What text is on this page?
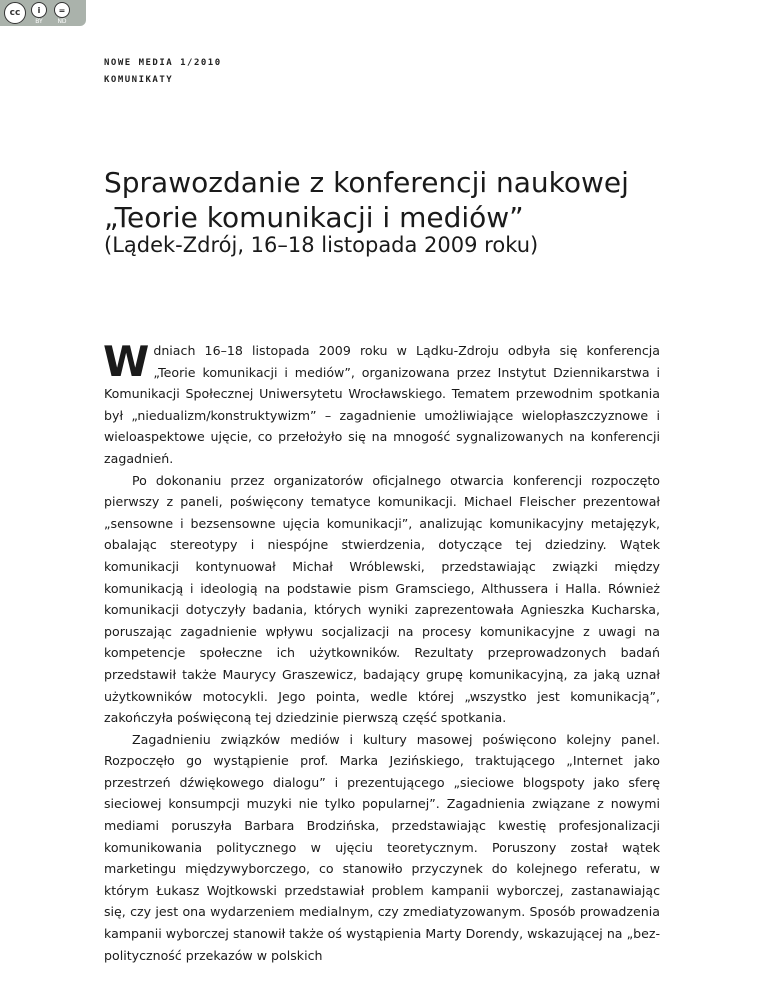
cc	i
BY
=
ND
NOWE MEDIA 1/2010
KOMUNIKATY
Sprawozdanie z konferencji naukowej
„Teorie komunikacji i mediów”
(Lądek-Zdrój, 16–18 listopada 2009 roku)

Wdniach 16–18 listopada 2009 roku w Lądku-Zdroju odbyła się konferencja „Teorie komunikacji i mediów”, organizowana przez Instytut Dziennikarstwa i Komunikacji Społecznej Uniwersytetu Wrocławskiego. Tematem przewodnim spotkania był „niedualizm/konstruktywizm” – zagadnienie umożliwiające wielopłaszczyznowe i wieloaspektowe ujęcie, co przełożyło się na mnogość sygnalizowanych na konferencji zagadnień.

Po dokonaniu przez organizatorów oficjalnego otwarcia konferencji rozpoczęto pierwszy z paneli, poświęcony tematyce komunikacji. Michael Fleischer prezentował „sensowne i bezsensowne ujęcia komunikacji”, analizując komunikacyjny metajęzyk, obalając stereotypy i niespójne stwierdzenia, dotyczące tej dziedziny. Wątek komunikacji kontynuował Michał Wróblewski, przedstawiając związki między komunikacją i ideologią na podstawie pism Gramsciego, Althussera i Halla. Również komunikacji dotyczyły badania, których wyniki zaprezentowała Agnieszka Kucharska, poruszając zagadnienie wpływu socjalizacji na procesy komunikacyjne z uwagi na kompetencje społeczne ich użytkowników. Rezultaty przeprowadzonych badań przedstawił także Maurycy Graszewicz, badający grupę komunikacyjną, za jaką uznał użytkowników motocykli. Jego pointa, wedle której „wszystko jest komunikacją”, zakończyła poświęconą tej dziedzinie pierwszą część spotkania.

Zagadnieniu związków mediów i kultury masowej poświęcono kolejny panel. Rozpoczęło go wystąpienie prof. Marka Jezińskiego, traktującego „Internet jako przestrzeń dźwiękowego dialogu” i prezentującego „sieciowe blogspoty jako sferę sieciowej konsumpcji muzyki nie tylko popularnej”. Zagadnienia związane z nowymi mediami poruszyła Barbara Brodzińska, przedstawiając kwestię profesjonalizacji komunikowania politycznego w ujęciu teoretycznym. Poruszony został wątek marketingu międzywyborczego, co stanowiło przyczynek do kolejnego referatu, w którym Łukasz Wojtkowski przedstawiał problem kampanii wyborczej, zastanawiając się, czy jest ona wydarzeniem medialnym, czy zmediatyzowanym. Sposób prowadzenia kampanii wyborczej stanowił także oś wystąpienia Marty Dorendy, wskazującej na „bez-polityczność przekazów w polskich
